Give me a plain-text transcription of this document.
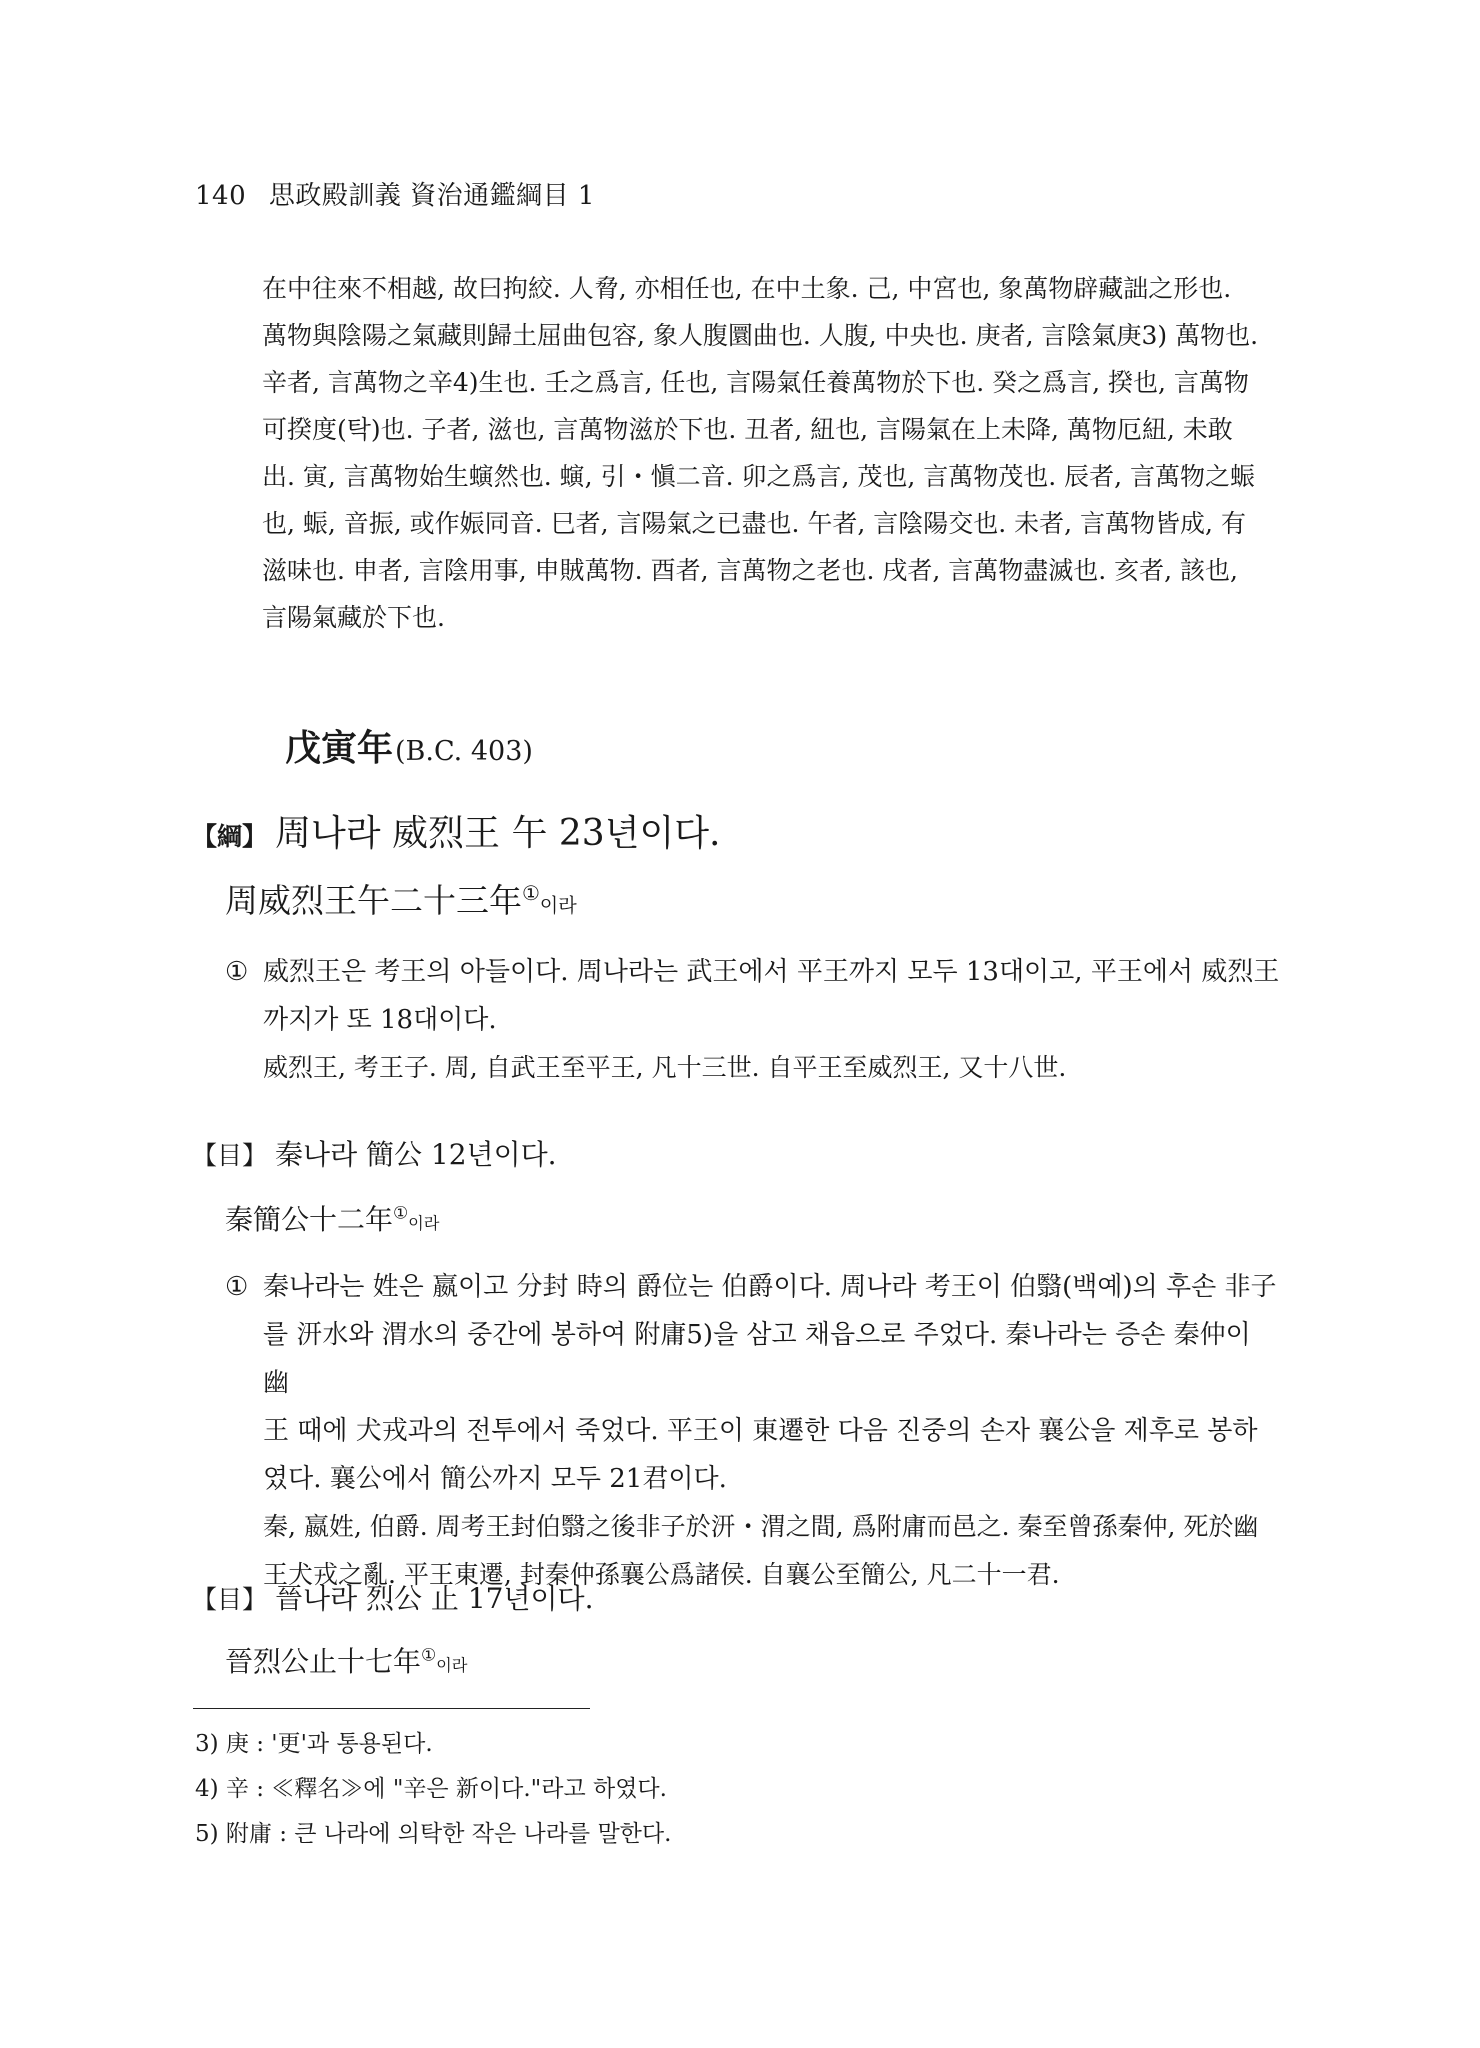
140 思政殿訓義 資治通鑑綱目 1
在中往來不相越, 故曰拘絞. 人脅, 亦相任也, 在中土象. 己, 中宮也, 象萬物辟藏詘之形也.
萬物與陰陽之氣藏則歸土屈曲包容, 象人腹圜曲也. 人腹, 中央也. 庚者, 言陰氣庚3) 萬物也.
辛者, 言萬物之辛4)生也. 壬之爲言, 任也, 言陽氣任養萬物於下也. 癸之爲言, 揆也, 言萬物
可揆度(탁)也. 子者, 滋也, 言萬物滋於下也. 丑者, 紐也, 言陽氣在上未降, 萬物厄紐, 未敢
出. 寅, 言萬物始生螾然也. 螾, 引・愼二音. 卯之爲言, 茂也, 言萬物茂也. 辰者, 言萬物之蜄
也, 蜄, 音振, 或作娠同音. 巳者, 言陽氣之已盡也. 午者, 言陰陽交也. 未者, 言萬物皆成, 有
滋味也. 申者, 言陰用事, 申賊萬物. 酉者, 言萬物之老也. 戌者, 言萬物盡滅也. 亥者, 該也,
言陽氣藏於下也.
戊寅年(B.C. 403)
【綱】 周나라 威烈王 午 23년이다.
周威烈王午二十三年①이라
① 威烈王은 考王의 아들이다. 周나라는 武王에서 平王까지 모두 13대이고, 平王에서 威烈王
까지가 또 18대이다.
威烈王, 考王子. 周, 自武王至平王, 凡十三世. 自平王至威烈王, 又十八世.
【目】 秦나라 簡公 12년이다.
秦簡公十二年①이라
① 秦나라는 姓은 嬴이고 分封 時의 爵位는 伯爵이다. 周나라 考王이 伯翳(백예)의 후손 非子
를 汧水와 渭水의 중간에 봉하여 附庸5)을 삼고 채읍으로 주었다. 秦나라는 증손 秦仲이 幽
王 때에 犬戎과의 전투에서 죽었다. 平王이 東遷한 다음 진중의 손자 襄公을 제후로 봉하
였다. 襄公에서 簡公까지 모두 21君이다.
秦, 嬴姓, 伯爵. 周考王封伯翳之後非子於汧・渭之間, 爲附庸而邑之. 秦至曾孫秦仲, 死於幽
王犬戎之亂. 平王東遷, 封秦仲孫襄公爲諸侯. 自襄公至簡公, 凡二十一君.
【目】 晉나라 烈公 止 17년이다.
晉烈公止十七年①이라
3) 庚 : '更'과 통용된다.
4) 辛 : ≪釋名≫에 "辛은 新이다."라고 하였다.
5) 附庸 : 큰 나라에 의탁한 작은 나라를 말한다.
